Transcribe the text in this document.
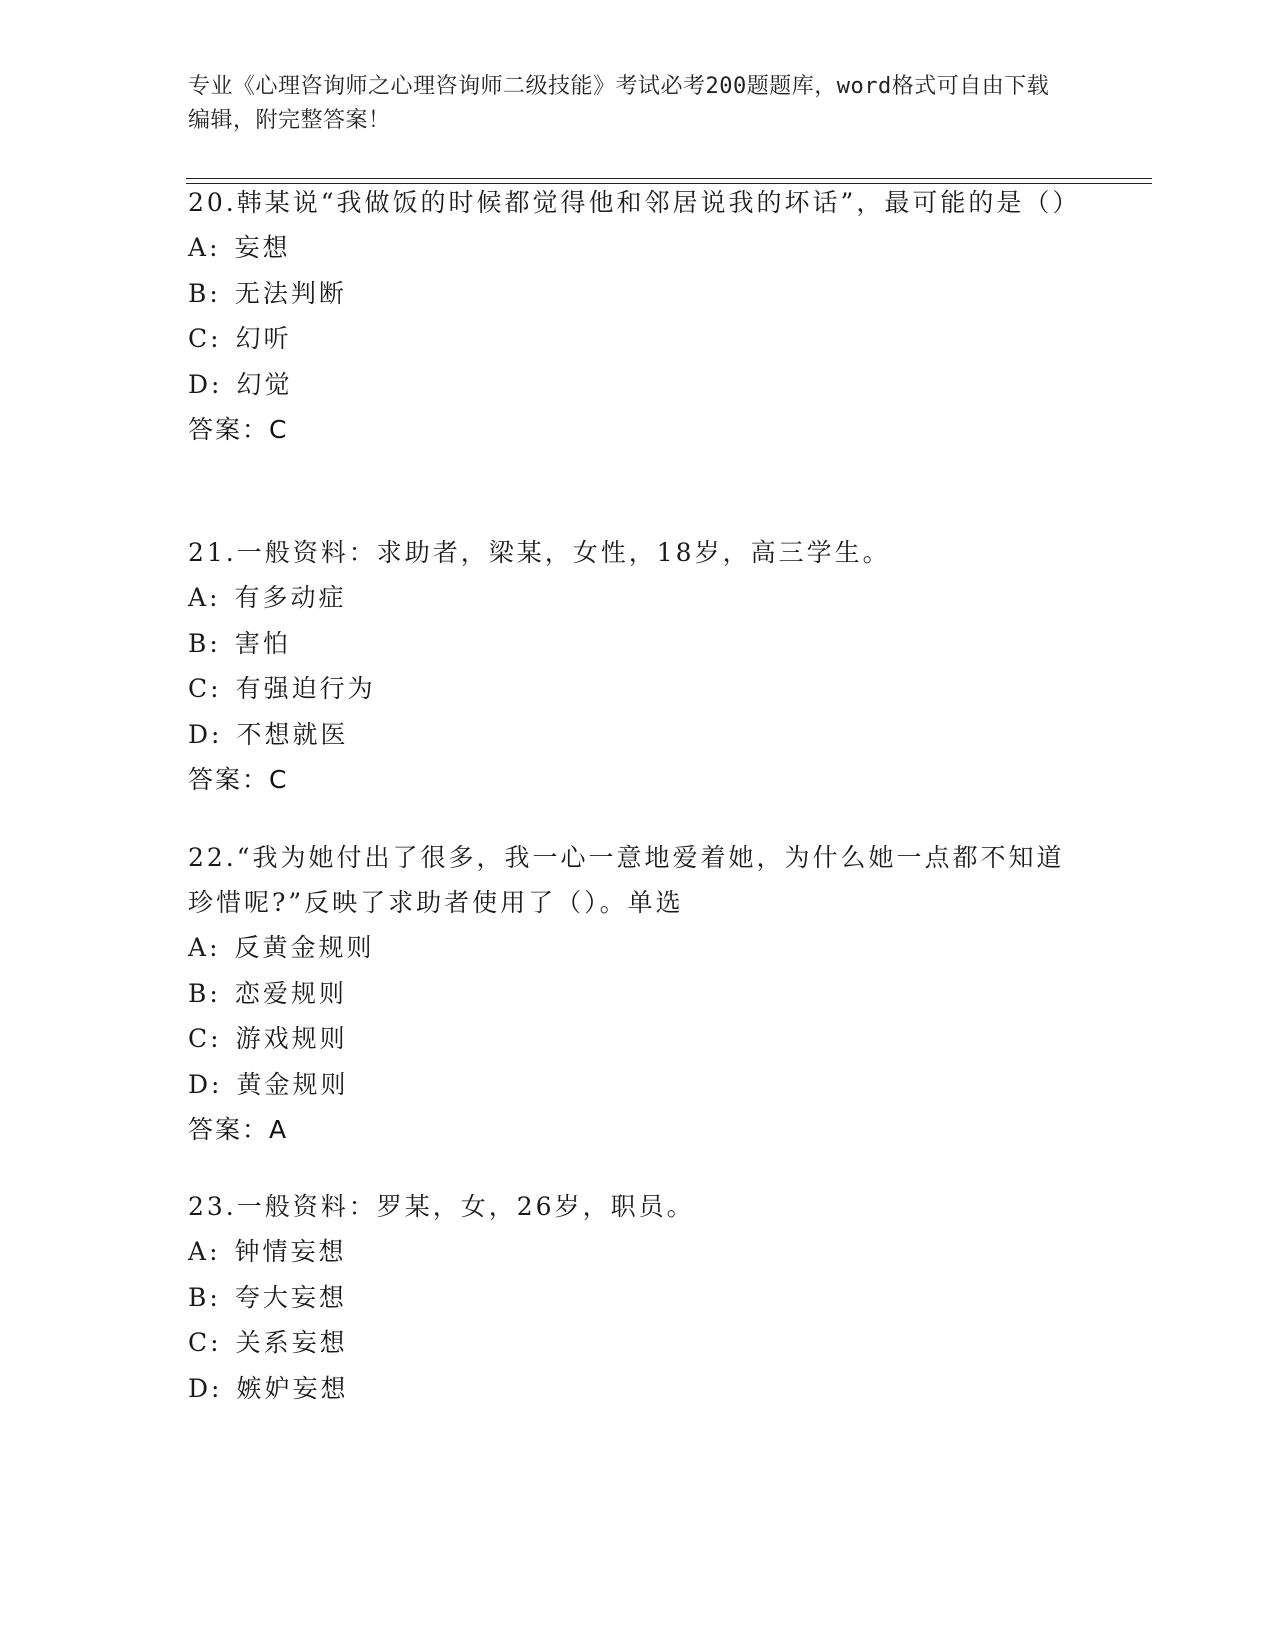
专业《心理咨询师之心理咨询师二级技能》考试必考200题题库，word格式可自由下载编辑，附完整答案！
20.韩某说“我做饭的时候都觉得他和邻居说我的坏话”，最可能的是（）
A: 妄想
B: 无法判断
C: 幻听
D: 幻觉
答案：C
21.一般资料：求助者，梁某，女性，18岁，高三学生。
A: 有多动症
B: 害怕
C: 有强迫行为
D: 不想就医
答案：C
22.“我为她付出了很多，我一心一意地爱着她，为什么她一点都不知道珍惜呢?”反映了求助者使用了（）。单选
A: 反黄金规则
B: 恋爱规则
C: 游戏规则
D: 黄金规则
答案：A
23.一般资料：罗某，女，26岁，职员。
A: 钟情妄想
B: 夸大妄想
C: 关系妄想
D: 嫉妒妄想
